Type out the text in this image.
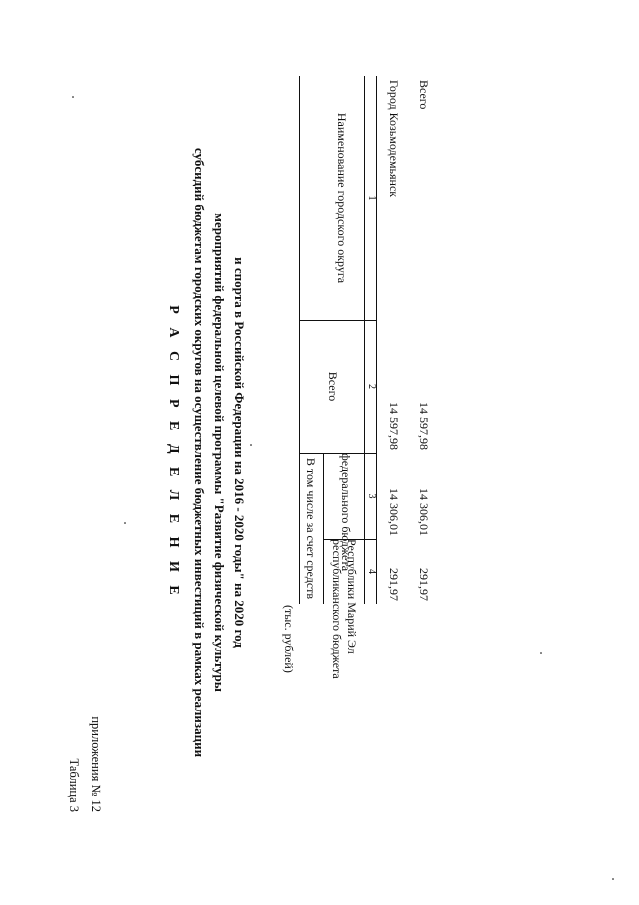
Таблица 3 приложения № 12
Р А С П Р Е Д Е Л Е Н И Е субсидий бюджетам городских округов на осуществление бюджетных инвестиций в рамках реализации мероприятий федеральной целевой программы "Развитие физической культуры и спорта в Российской Федерации на 2016 - 2020 годы" на 2020 год	(тыс. рублей)
Наименование городского округа
Всего
В том числе за счет средств федерального бюджета
республиканского бюджета Республики Марий Эл
1
2
3
4
Город Козьмодемьянск
14 597,98
14 306,01
291,97
Всего
14 597,98
14 306,01
291,97
